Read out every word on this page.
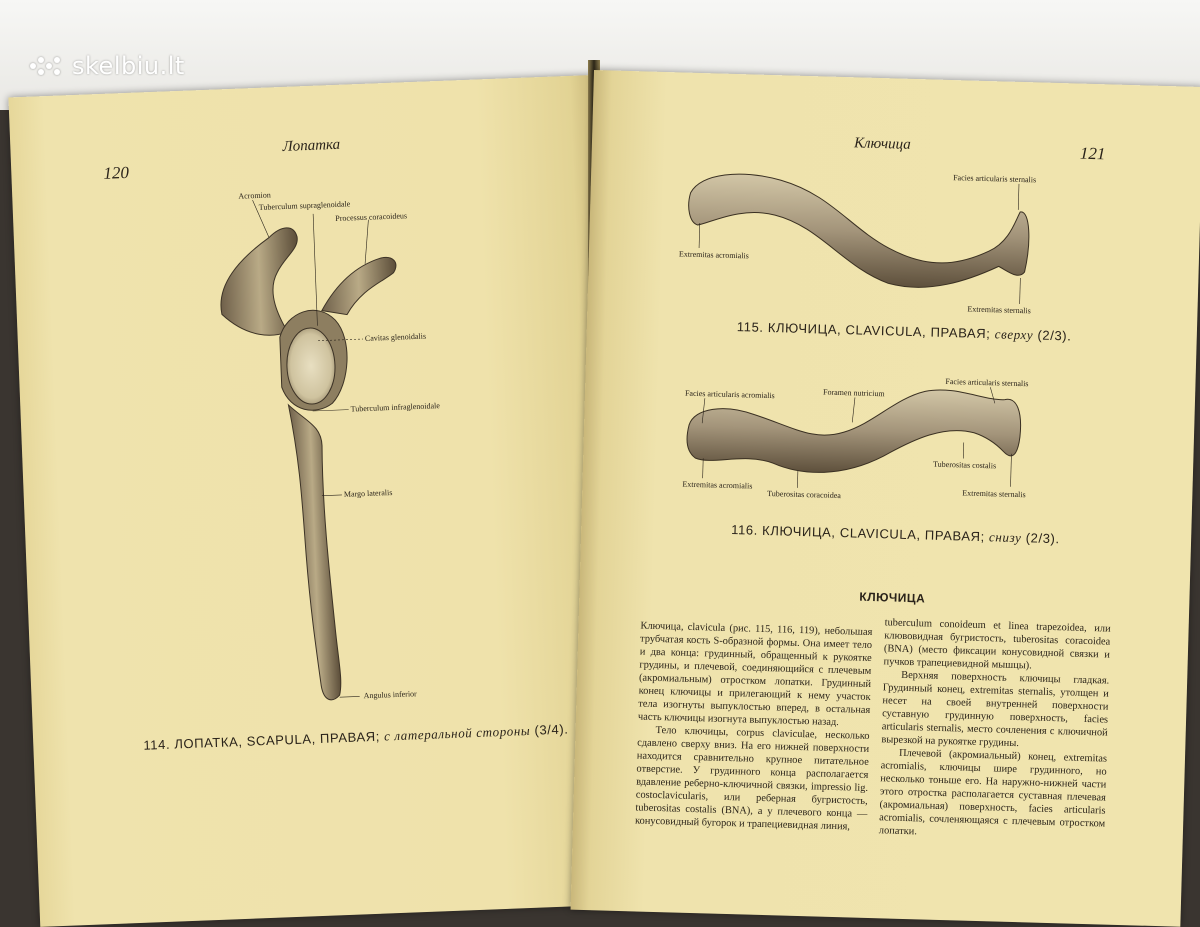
skelbiu.lt
120
Лопатка
Acromion
Tuberculum supraglenoidale
Processus coracoideus
Cavitas glenoidalis
Tuberculum infraglenoidale
Margo lateralis
Angulus inferior
114. ЛОПАТКА, SCAPULA, ПРАВАЯ; с латеральной стороны (3/4).
Ключица	121
Facies articularis sternalis
Extremitas acromialis
Extremitas sternalis
115. КЛЮЧИЦА, CLAVICULA, ПРАВАЯ; сверху (2/3).
Facies articularis acromialis	Foramen nutricium
Facies articularis sternalis
Tuberositas costalis
Extremitas acromialis
Tuberositas coracoidea	Extremitas sternalis
116. КЛЮЧИЦА, CLAVICULA, ПРАВАЯ; снизу (2/3).
КЛЮЧИЦА

Ключица, clavicula (рис. 115, 116, 119), небольшая трубчатая кость S-образной формы. Она имеет тело и два конца: грудинный, обращенный к рукоятке грудины, и плечевой, соединяющийся с плечевым (акромиальным) отростком лопатки. Грудинный конец ключицы и прилегающий к нему участок тела изогнуты выпуклостью вперед, в остальная часть ключицы изогнута выпуклостью назад.

Тело ключицы, corpus claviculae, несколько сдавлено сверху вниз. На его нижней поверхности находится сравнительно крупное питательное отверстие. У грудинного конца располагается вдавление реберно-ключичной связки, impressio lig. costoclavicularis, или реберная бугристость, tuberositas costalis (BNA), а у плечевого конца — конусовидный бугорок и трапециевидная линия,

tuberculum conoideum et linea trapezoidea, или клювовидная бугристость, tuberositas coracoidea (BNA) (место фиксации конусовидной связки и пучков трапециевидной мышцы).

Верхняя поверхность ключицы гладкая. Грудинный конец, extremitas sternalis, утолщен и несет на своей внутренней поверхности суставную грудинную поверхность, facies articularis sternalis, место сочленения с ключичной вырезкой на рукоятке грудины.

Плечевой (акромиальный) конец, extremitas acromialis, ключицы шире грудинного, но несколько тоньше его. На наружно-нижней части этого отростка располагается суставная плечевая (акромиальная) поверхность, facies articularis acromialis, сочленяющаяся с плечевым отростком лопатки.
